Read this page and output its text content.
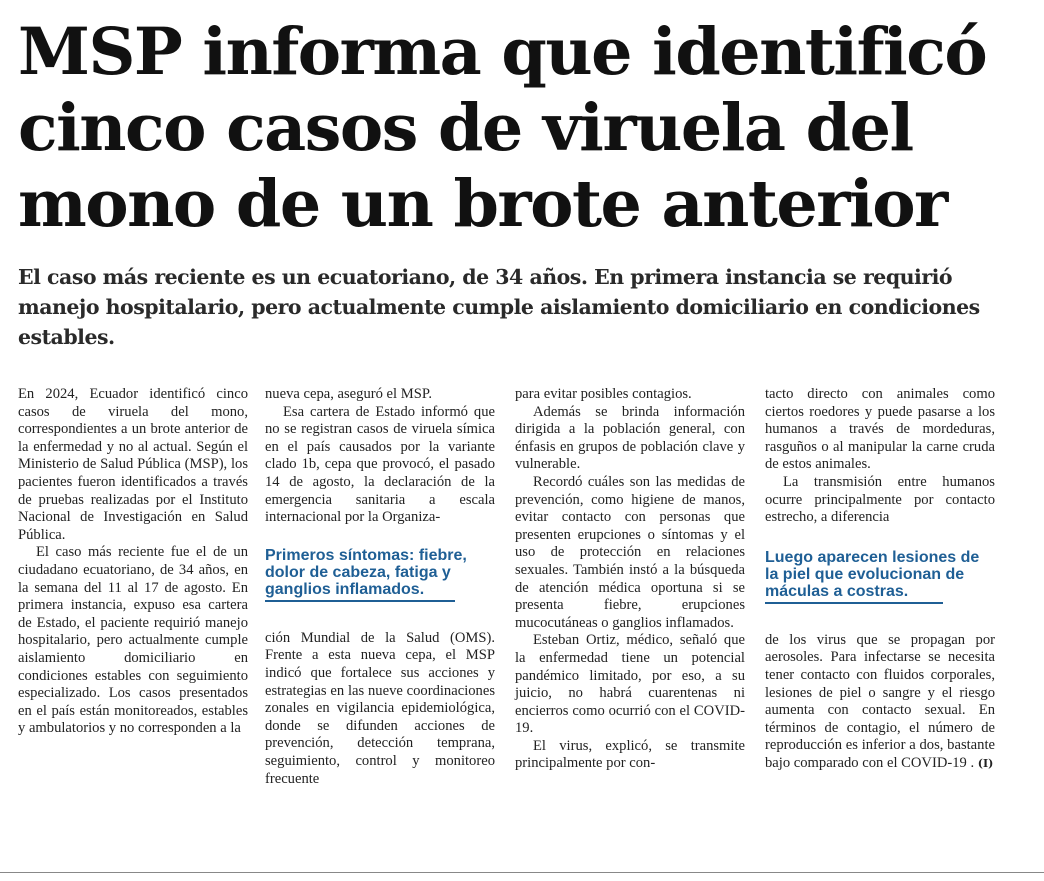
MSP informa que identificó cinco casos de viruela del mono de un brote anterior

El caso más reciente es un ecuatoriano, de 34 años. En primera instancia se requirió manejo hospitalario, pero actualmente cumple aislamiento domiciliario en condiciones estables.

En 2024, Ecuador identificó cinco casos de viruela del mono, correspondientes a un brote anterior de la enfermedad y no al actual. Según el Ministerio de Salud Pública (MSP), los pacientes fueron identificados a través de pruebas realizadas por el Instituto Nacional de Investigación en Salud Pública.

El caso más reciente fue el de un ciudadano ecuatoriano, de 34 años, en la semana del 11 al 17 de agosto. En primera instancia, expuso esa cartera de Estado, el paciente requirió manejo hospitalario, pero actualmente cumple aislamiento domiciliario en condiciones estables con seguimiento especializado. Los casos presentados en el país están monitoreados, estables y ambulatorios y no corresponden a la

nueva cepa, aseguró el MSP.

Esa cartera de Estado informó que no se registran casos de viruela símica en el país causados por la variante clado 1b, cepa que provocó, el pasado 14 de agosto, la declaración de la emergencia sanitaria a escala internacional por la Organiza-

Primeros síntomas: fiebre, dolor de cabeza, fatiga y ganglios inflamados.

ción Mundial de la Salud (OMS). Frente a esta nueva cepa, el MSP indicó que fortalece sus acciones y estrategias en las nueve coordinaciones zonales en vigilancia epidemiológica, donde se difunden acciones de prevención, detección temprana, seguimiento, control y monitoreo frecuente

para evitar posibles contagios.

Además se brinda información dirigida a la población general, con énfasis en grupos de población clave y vulnerable.

Recordó cuáles son las medidas de prevención, como higiene de manos, evitar contacto con personas que presenten erupciones o síntomas y el uso de protección en relaciones sexuales. También instó a la búsqueda de atención médica oportuna si se presenta fiebre, erupciones mucocutáneas o ganglios inflamados.

Esteban Ortiz, médico, señaló que la enfermedad tiene un potencial pandémico limitado, por eso, a su juicio, no habrá cuarentenas ni encierros como ocurrió con el COVID-19.

El virus, explicó, se transmite principalmente por con-

tacto directo con animales como ciertos roedores y puede pasarse a los humanos a través de mordeduras, rasguños o al manipular la carne cruda de estos animales.

La transmisión entre humanos ocurre principalmente por contacto estrecho, a diferencia

Luego aparecen lesiones de la piel que evolucionan de máculas a costras.

de los virus que se propagan por aerosoles. Para infectarse se necesita tener contacto con fluidos corporales, lesiones de piel o sangre y el riesgo aumenta con contacto sexual. En términos de contagio, el número de reproducción es inferior a dos, bastante bajo comparado con el COVID-19 . (I)
